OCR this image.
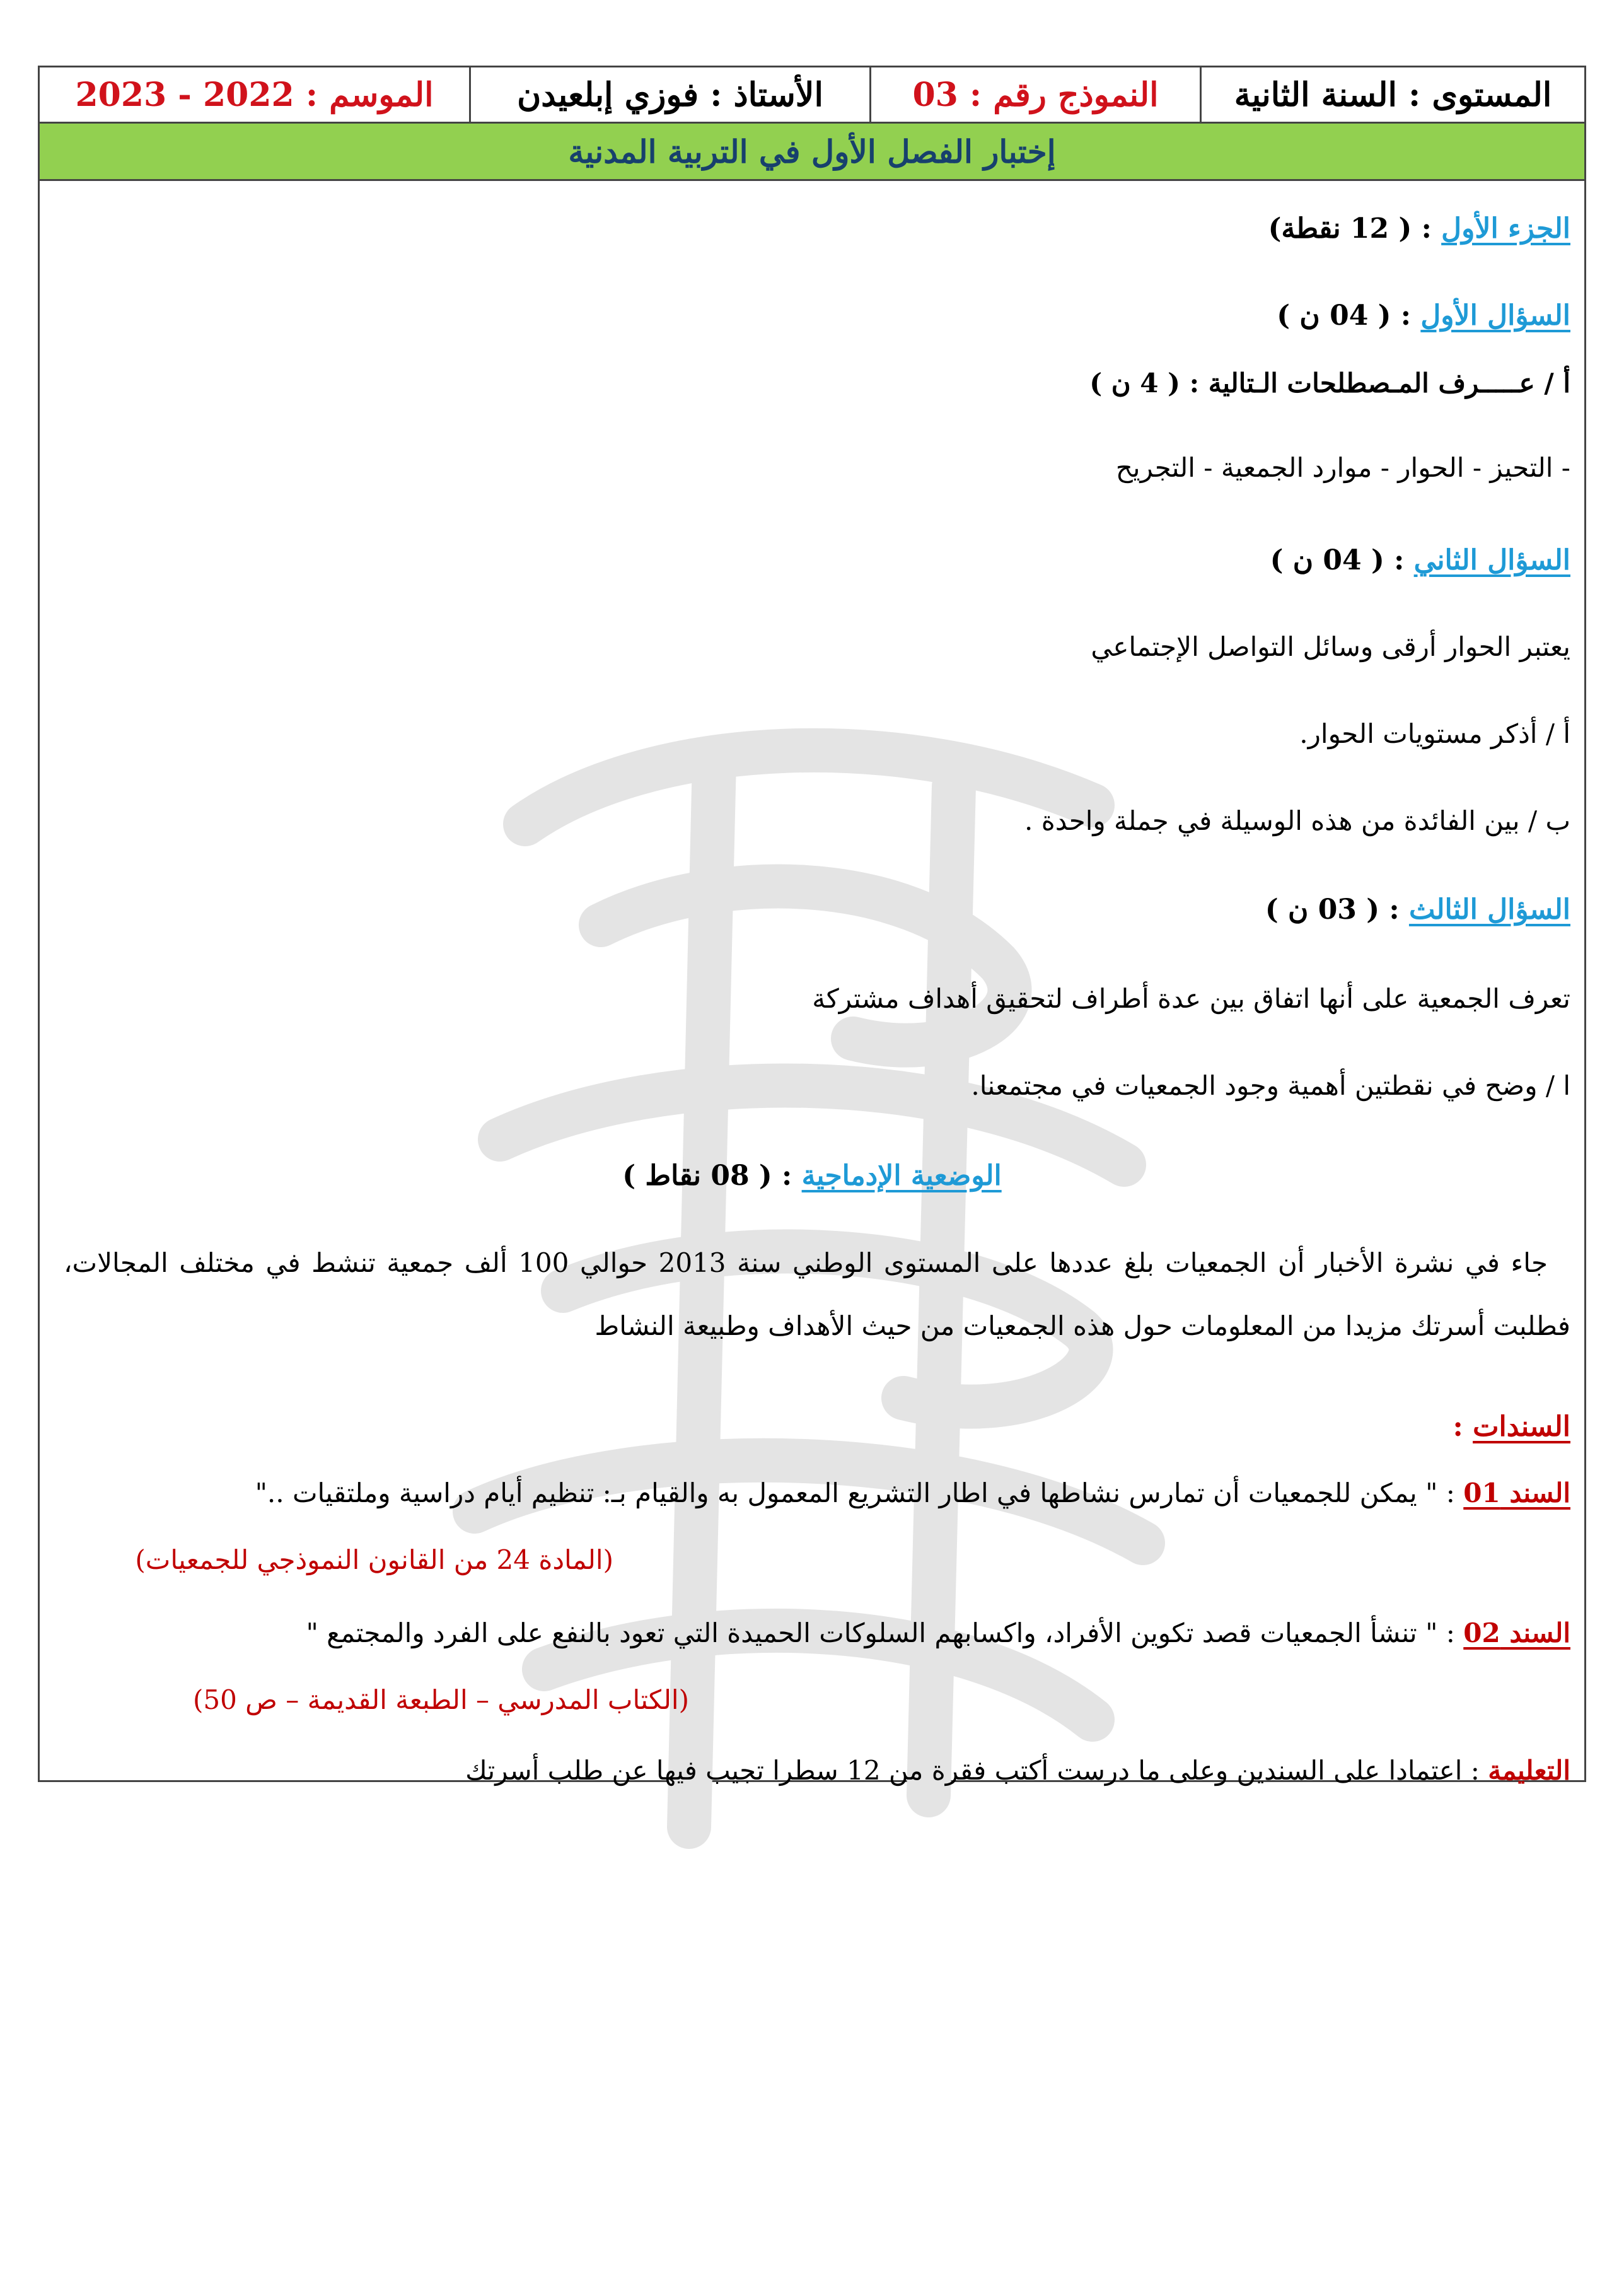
المستوى : السنة الثانية
النموذج رقم : 03
الأستاذ : فوزي إبلعيدن
الموسم : 2022 - 2023
إختبار الفصل الأول في التربية المدنية
الجزء الأول : ( 12 نقطة)
السؤال الأول : ( 04 ن )
أ / عـــــرف المـصطلحات الـتالية : ( 4 ن )
- التحيز - الحوار - موارد الجمعية - التجريح
السؤال الثاني : ( 04 ن )
يعتبر الحوار أرقى وسائل التواصل الإجتماعي
أ / أذكر مستويات الحوار.
ب / بين الفائدة من هذه الوسيلة في جملة واحدة .
السؤال الثالث : ( 03 ن )
تعرف الجمعية على أنها اتفاق بين عدة أطراف لتحقيق أهداف مشتركة
ا / وضح في نقطتين أهمية وجود الجمعيات في مجتمعنا.
الوضعية الإدماجية : ( 08 نقاط )
جاء في نشرة الأخبار أن الجمعيات بلغ عددها على المستوى الوطني سنة 2013 حوالي 100 ألف جمعية تنشط في مختلف المجالات، فطلبت أسرتك مزيدا من المعلومات حول هذه الجمعيات من حيث الأهداف وطبيعة النشاط
السندات :
السند 01 : " يمكن للجمعيات أن تمارس نشاطها في اطار التشريع المعمول به والقيام بـ: تنظيم أيام دراسية وملتقيات .."
(المادة 24 من القانون النموذجي للجمعيات)
السند 02 : " تنشأ الجمعيات قصد تكوين الأفراد، واكسابهم السلوكات الحميدة التي تعود بالنفع على الفرد والمجتمع "
(الكتاب المدرسي – الطبعة القديمة – ص 50)
التعليمة : اعتمادا على السندين وعلى ما درست أكتب فقرة من 12 سطرا تجيب فيها عن طلب أسرتك
